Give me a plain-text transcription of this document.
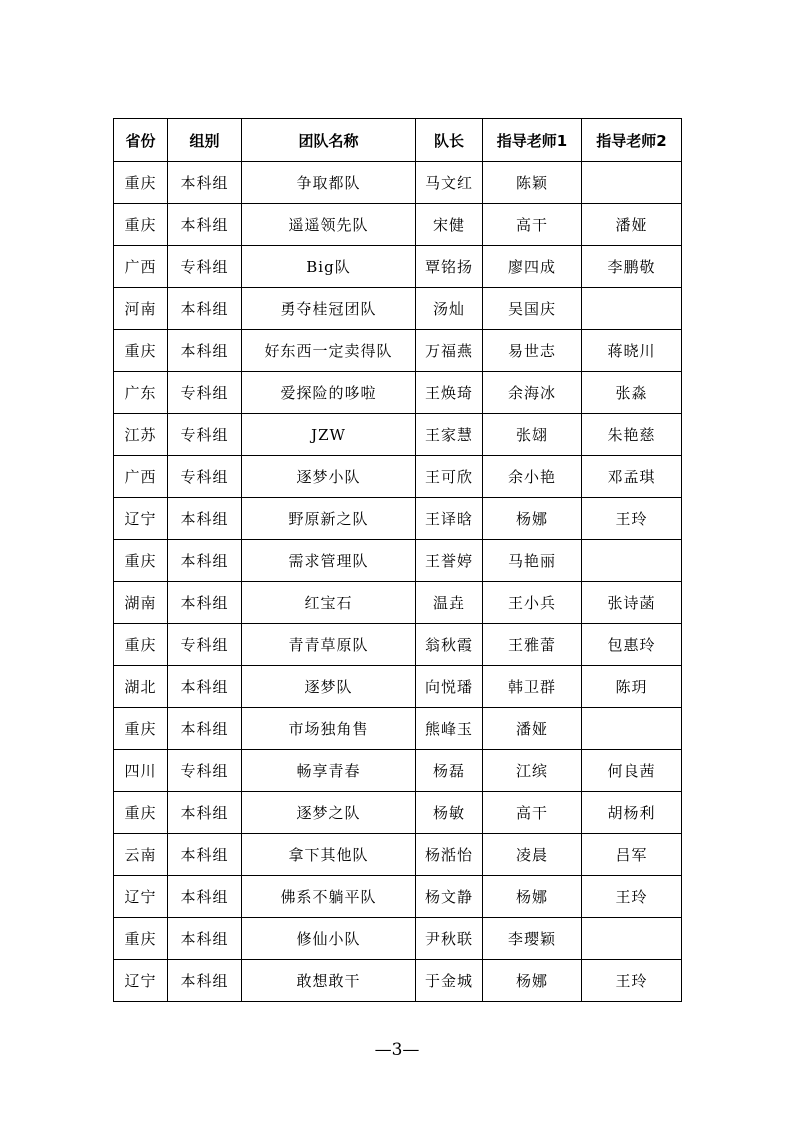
省份	组别	团队名称	队长	指导老师1	指导老师2
重庆	本科组	争取都队	马文红	陈颖	
重庆	本科组	遥遥领先队	宋健	高干	潘娅
广西	专科组	Big队	覃铭扬	廖四成	李鹏敬
河南	本科组	勇夺桂冠团队	汤灿	吴国庆	
重庆	本科组	好东西一定卖得队	万福燕	易世志	蒋晓川
广东	专科组	爱探险的哆啦	王焕琦	余海冰	张淼
江苏	专科组	JZW	王家慧	张翃	朱艳慈
广西	专科组	逐梦小队	王可欣	余小艳	邓孟琪
辽宁	本科组	野原新之队	王译晗	杨娜	王玲
重庆	本科组	需求管理队	王誉婷	马艳丽	
湖南	本科组	红宝石	温垚	王小兵	张诗菡
重庆	专科组	青青草原队	翁秋霞	王雅蕾	包惠玲
湖北	本科组	逐梦队	向悦璠	韩卫群	陈玥
重庆	本科组	市场独角售	熊峰玉	潘娅	
四川	专科组	畅享青春	杨磊	江缤	何良茜
重庆	本科组	逐梦之队	杨敏	高干	胡杨利
云南	本科组	拿下其他队	杨湉怡	凌晨	吕军
辽宁	本科组	佛系不躺平队	杨文静	杨娜	王玲
重庆	本科组	修仙小队	尹秋联	李璎颖	
辽宁	本科组	敢想敢干	于金城	杨娜	王玲
—3—
